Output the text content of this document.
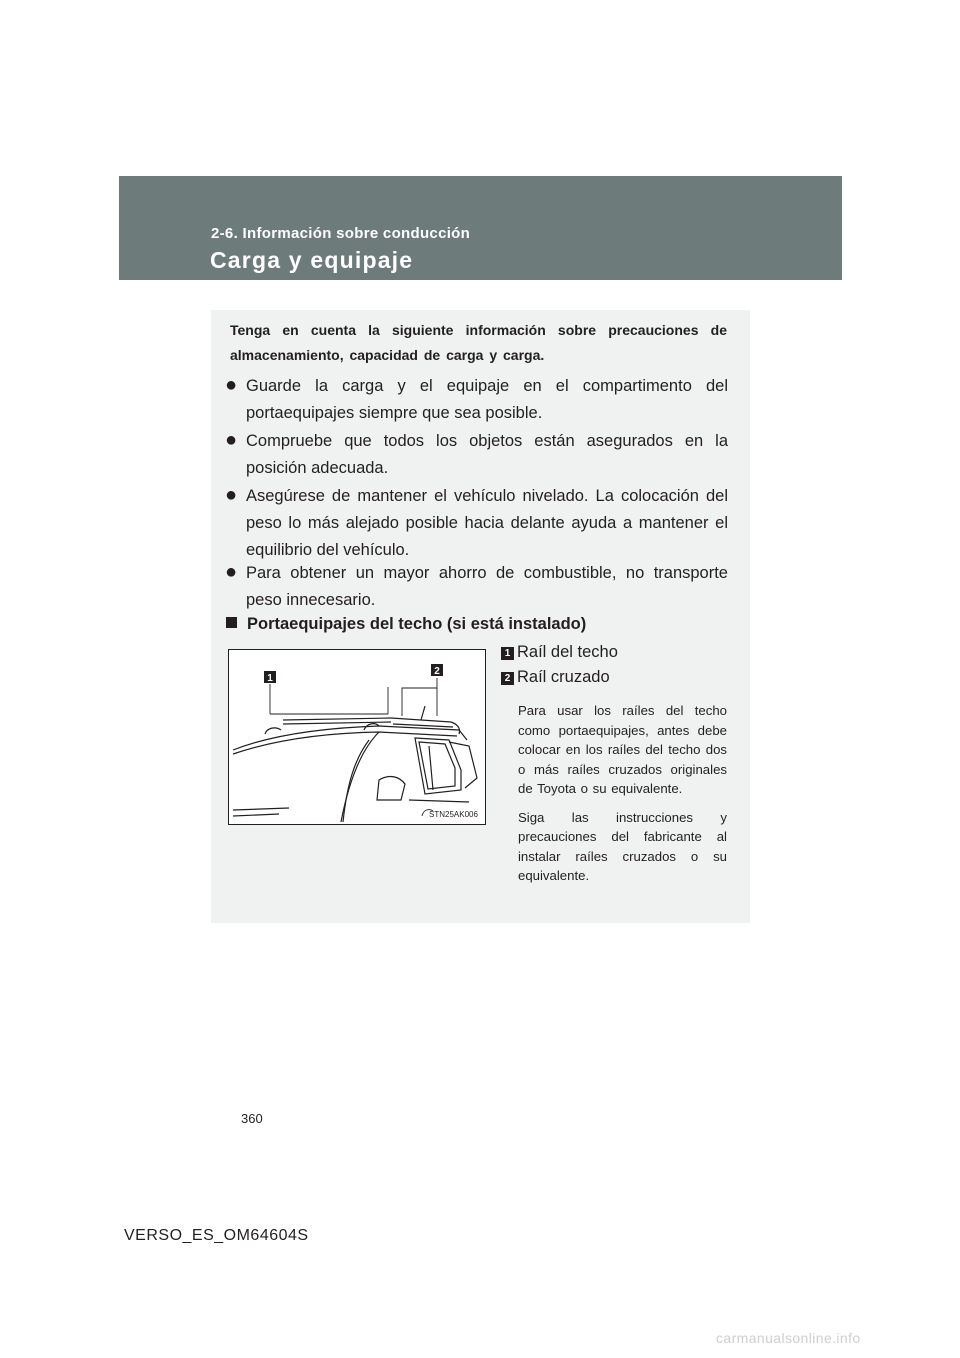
2-6. Información sobre conducción
Carga y equipaje
Tenga en cuenta la siguiente información sobre precauciones de almacenamiento, capacidad de carga y carga.
● Guarde la carga y el equipaje en el compartimento del portaequipajes siempre que sea posible.
● Compruebe que todos los objetos están asegurados en la posición adecuada.
● Asegúrese de mantener el vehículo nivelado. La colocación del peso lo más alejado posible hacia delante ayuda a mantener el equilibrio del vehículo.
● Para obtener un mayor ahorro de combustible, no transporte peso innecesario.
Portaequipajes del techo (si está instalado)
1
2
STN25AK006
1 Raíl del techo
2 Raíl cruzado

Para usar los raíles del techo como portaequipajes, antes debe colocar en los raíles del techo dos o más raíles cruzados originales de Toyota o su equivalente.

Siga las instrucciones y precauciones del fabricante al instalar raíles cruzados o su equivalente.

360
VERSO_ES_OM64604S
carmanualsonline.info
